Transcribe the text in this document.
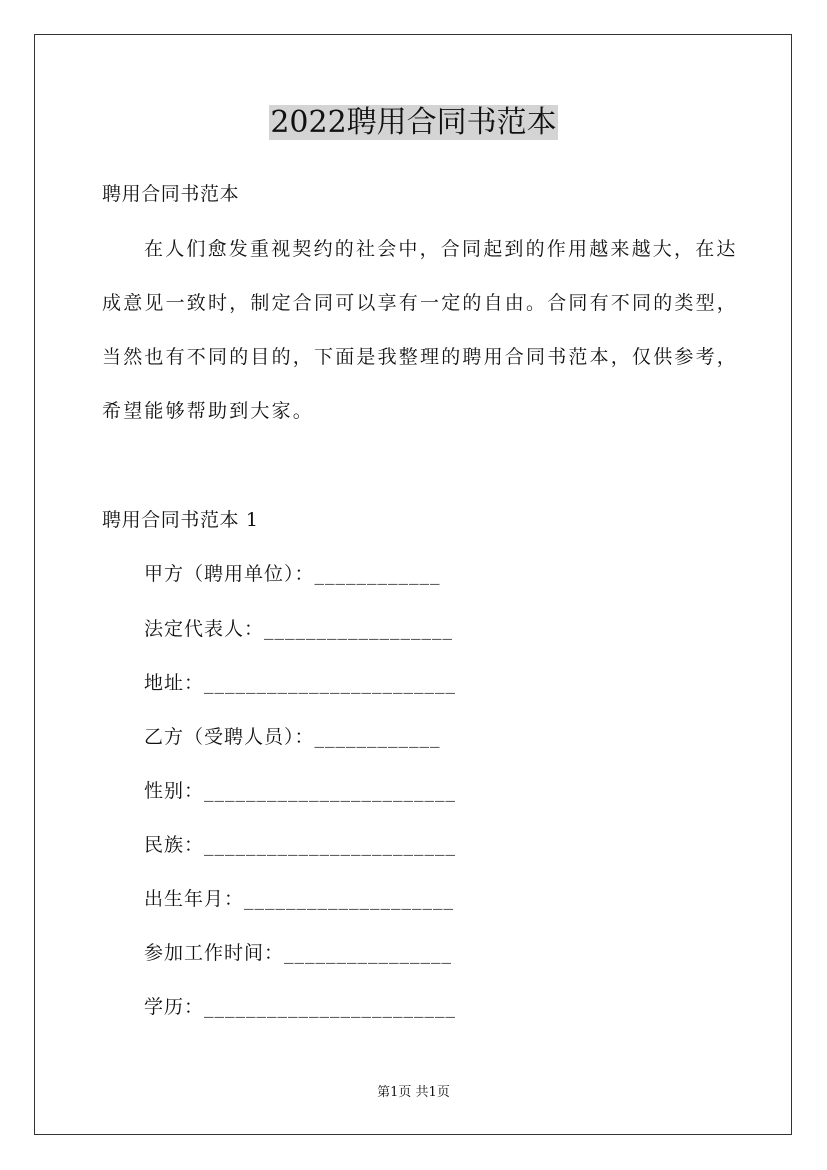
2022聘用合同书范本
聘用合同书范本
在人们愈发重视契约的社会中，合同起到的作用越来越大，在达
成意见一致时，制定合同可以享有一定的自由。合同有不同的类型，
当然也有不同的目的，下面是我整理的聘用合同书范本，仅供参考，
希望能够帮助到大家。
聘用合同书范本 1
甲方（聘用单位）：____________
法定代表人：__________________
地址：________________________
乙方（受聘人员）：____________
性别：________________________
民族：________________________
出生年月：____________________
参加工作时间：________________
学历：________________________
第1页 共1页
